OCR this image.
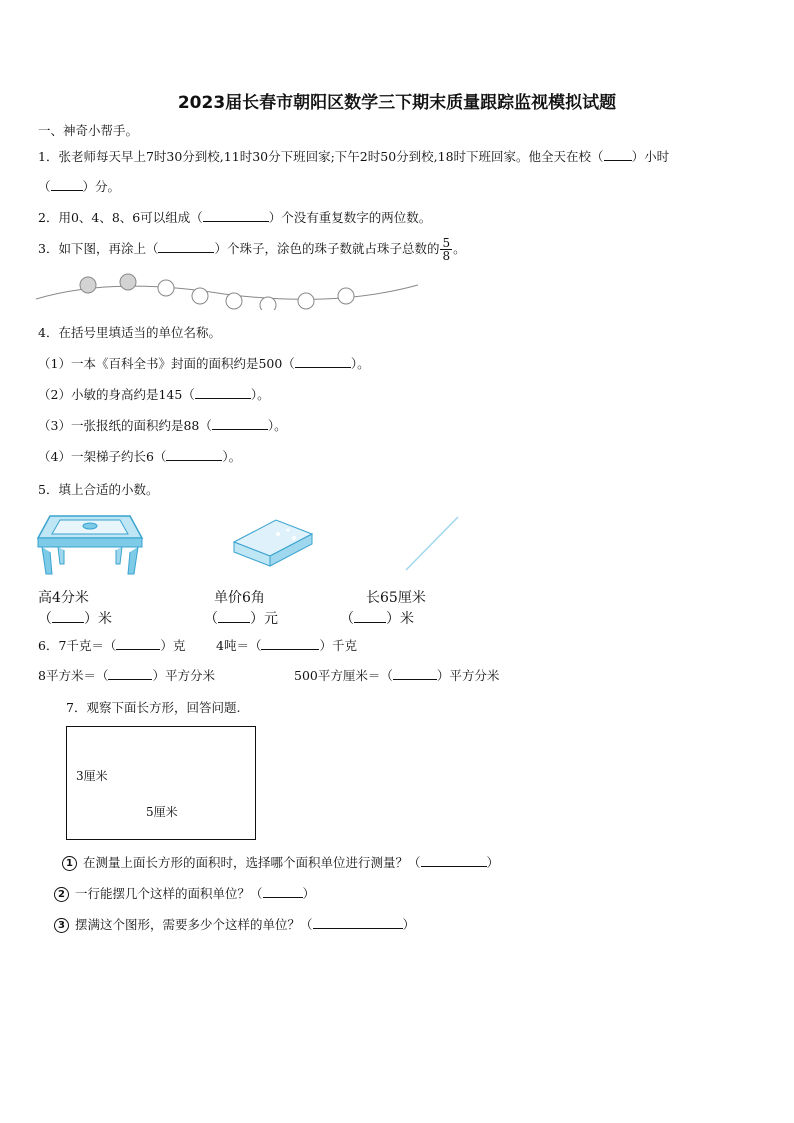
2023届长春市朝阳区数学三下期末质量跟踪监视模拟试题
一、神奇小帮手。
1．张老师每天早上7时30分到校,11时30分下班回家;下午2时50分到校,18时下班回家。他全天在校（ ）小时
（	）分。
2．用0、4、8、6可以组成（	）个没有重复数字的两位数。
3．如下图，再涂上（	）个珠子，涂色的珠子数就占珠子总数的 $\frac{5}{8}$ 。
4．在括号里填适当的单位名称。
（1）一本《百科全书》封面的面积约是500（	）。
（2）小敏的身高约是145（	）。
（3）一张报纸的面积约是88（	）。
（4）一架梯子约长6（	）。
5．填上合适的小数。
高4分米	单价6角	长65厘米
（ ）米	（ ）元	（ ）米
6．7千克＝（	）克 4吨＝（	）千克
8平方米＝（	）平方分米	500平方厘米＝（	）平方分米
7．观察下面长方形，回答问题.
3厘米
5厘米
1 在测量上面长方形的面积时，选择哪个面积单位进行测量？（	）
2 一行能摆几个这样的面积单位？（	）
3 摆满这个图形，需要多少个这样的单位？（	）
